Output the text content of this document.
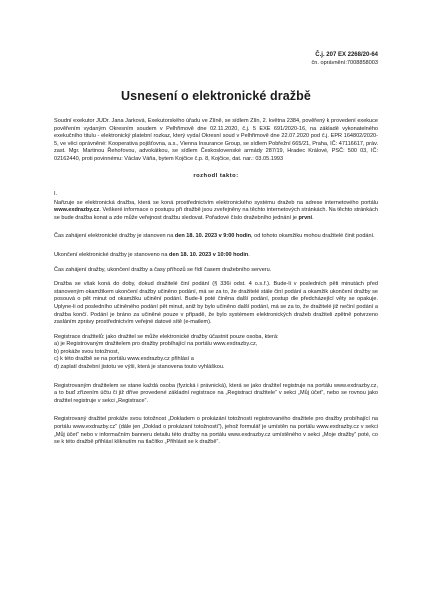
Č.j. 207 EX 2268/20-64
čn. oprávnění:7008858003
Usnesení o elektronické dražbě

Soudní exekutor JUDr. Jana Jarková, Exekutorského úřadu ve Zlíně, se sídlem Zlín, 2. května 2384, pověřený k provedení exekuce pověřením vydaným Okresním soudem v Pelhřimově dne 02.11.2020, č.j. 5 EXE 691/2020-16, na základě vykonatelného exekučního titulu - elektronický platební rozkaz, který vydal Okresní soud v Pelhřimově dne 22.07.2020 pod č.j. EPR 164802/2020-5, ve věci oprávněné: Kooperativa pojišťovna, a.s., Vienna Insurance Group, se sídlem Pobřežní 665/21, Praha, IČ: 47116617, práv. zast. Mgr. Martinou Řehořovou, advokátkou, se sídlem Československé armády 287/19, Hradec Králové, PSČ: 500 03, IČ: 02162440, proti povinnému: Václav Váňa, bytem Kojčice č.p. 8, Kojčice, dat. nar.: 03.05.1993

rozhodl takto:
I.

Nařizuje se elektronická dražba, která se koná prostřednictvím elektronického systému dražeb na adrese internetového portálu www.exdrazby.cz. Veškeré informace o postupu při dražbě jsou zveřejněny na těchto internetových stránkách. Na těchto stránkách se bude dražba konat a zde může veřejnost dražbu sledovat. Pořadové číslo dražebního jednání je první.

Čas zahájení elektronické dražby je stanoven na den 18. 10. 2023 v 9:00 hodin, od tohoto okamžiku mohou dražitelé činit podání.

Ukončení elektronické dražby je stanoveno na den 18. 10. 2023 v 10:00 hodin.

Čas zahájení dražby, ukončení dražby a časy příhozů se řídí časem dražebního serveru.

Dražba se však koná do doby, dokud dražitelé činí podání (§ 336i odst. 4 o.s.ř.). Bude-li v posledních pěti minutách před stanoveným okamžikem ukončení dražby učiněno podání, má se za to, že dražitelé stále činí podání a okamžik ukončení dražby se posouvá o pět minut od okamžiku učinění podání. Bude-li poté činěna další podání, postup dle předcházející věty se opakuje. Uplyne-li od posledního učiněného podání pět minut, aniž by bylo učiněno další podání, má se za to, že dražitelé již nečiní podání a dražba končí. Podání je bráno za učiněné pouze v případě, že bylo systémem elektronických dražeb dražiteli zpětně potvrzeno zasláním zprávy prostřednictvím veřejné datové sítě (e-mailem).

Registrace dražitelů: jako dražitel se může elektronické dražby účastnit pouze osoba, která:

a) je Registrovaným dražitelem pro dražby probíhající na portálu www.exdrazby.cz,

b) prokáže svou totožnost,

c) k této dražbě se na portálu www.exdrazby.cz přihlásí a

d) zaplatí dražební jistotu ve výši, která je stanovena touto vyhláškou.

Registrovaným dražitelem se stane každá osoba (fyzická i právnická), která se jako dražitel registruje na portálu www.exdrazby.cz, a to buď zřízením účtu či již dříve provedené základní registrace na „Registraci dražitele“ v sekci „Můj účet“, nebo se rovnou jako dražitel registruje v sekci „Registrace“.

Registrovaný dražitel prokáže svou totožnost „Dokladem o prokázání totožnosti registrovaného dražitele pro dražby probíhající na portálu www.exdrazby.cz“ (dále jen „Doklad o prokázaní totožnosti“), jehož formulář je umístěn na portálu www.exdrazby.cz v sekci „Můj účet“ nebo v informačním banneru detailu této dražby na portálu www.exdrazby.cz umístěného v sekci „Moje dražby“ poté, co se k této dražbě přihlásí kliknutím na tlačítko „Přihlásit se k dražbě“.
